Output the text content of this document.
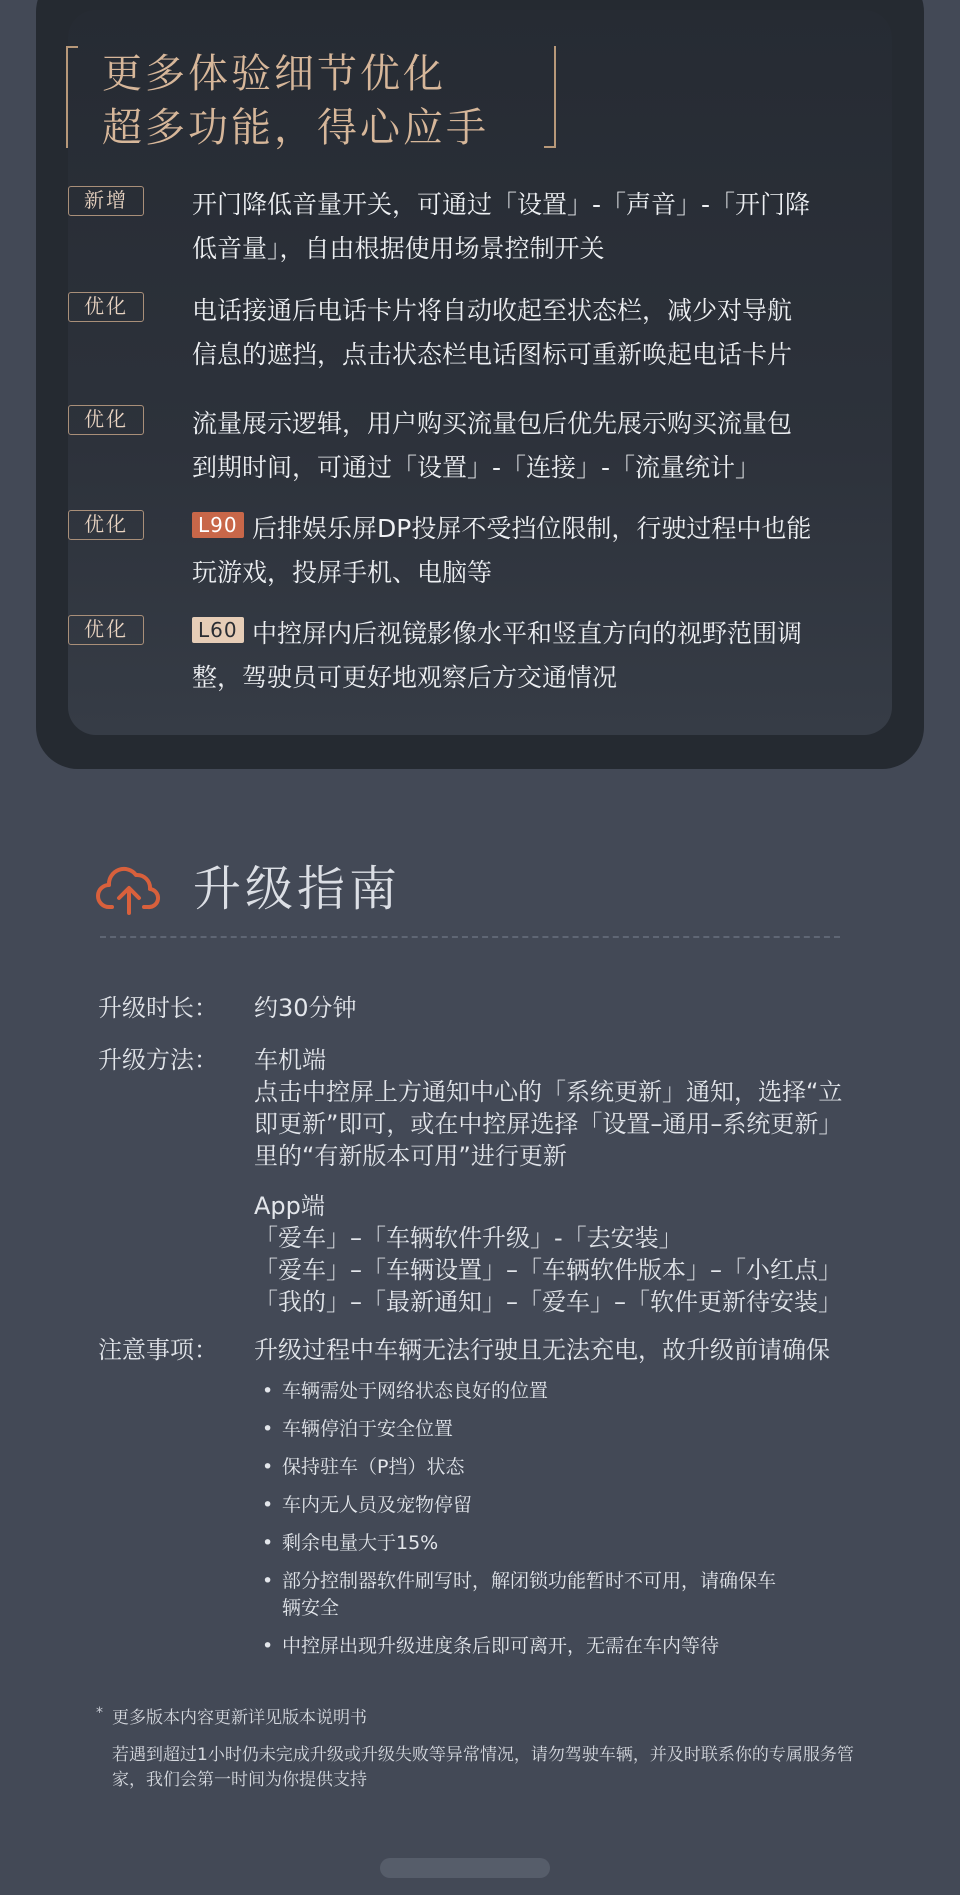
更多体验细节优化
超多功能，得心应手
新增	开门降低音量开关，可通过「设置」-「声音」-「开门降
低音量」，自由根据使用场景控制开关
优化	电话接通后电话卡片将自动收起至状态栏，减少对导航
信息的遮挡，点击状态栏电话图标可重新唤起电话卡片
优化	流量展示逻辑，用户购买流量包后优先展示购买流量包
到期时间，可通过「设置」-「连接」-「流量统计」
优化	L90 后排娱乐屏DP投屏不受挡位限制，行驶过程中也能
玩游戏，投屏手机、电脑等
优化	L60 中控屏内后视镜影像水平和竖直方向的视野范围调
整，驾驶员可更好地观察后方交通情况
升级指南
升级时长： 约30分钟
升级方法： 车机端
点击中控屏上方通知中心的「系统更新」通知，选择“立
即更新”即可，或在中控屏选择「设置–通用–系统更新」
里的“有新版本可用”进行更新
App端
「爱车」–「车辆软件升级」-「去安装」
「爱车」–「车辆设置」–「车辆软件版本」–「小红点」
「我的」–「最新通知」–「爱车」–「软件更新待安装」
注意事项： 升级过程中车辆无法行驶且无法充电，故升级前请确保
• 车辆需处于网络状态良好的位置
• 车辆停泊于安全位置
• 保持驻车（P挡）状态
• 车内无人员及宠物停留
• 剩余电量大于15%
• 部分控制器软件刷写时，解闭锁功能暂时不可用，请确保车
辆安全
• 中控屏出现升级进度条后即可离开，无需在车内等待
* 更多版本内容更新详见版本说明书
若遇到超过1小时仍未完成升级或升级失败等异常情况，请勿驾驶车辆，并及时联系你的专属服务管家，我们会第一时间为你提供支持
